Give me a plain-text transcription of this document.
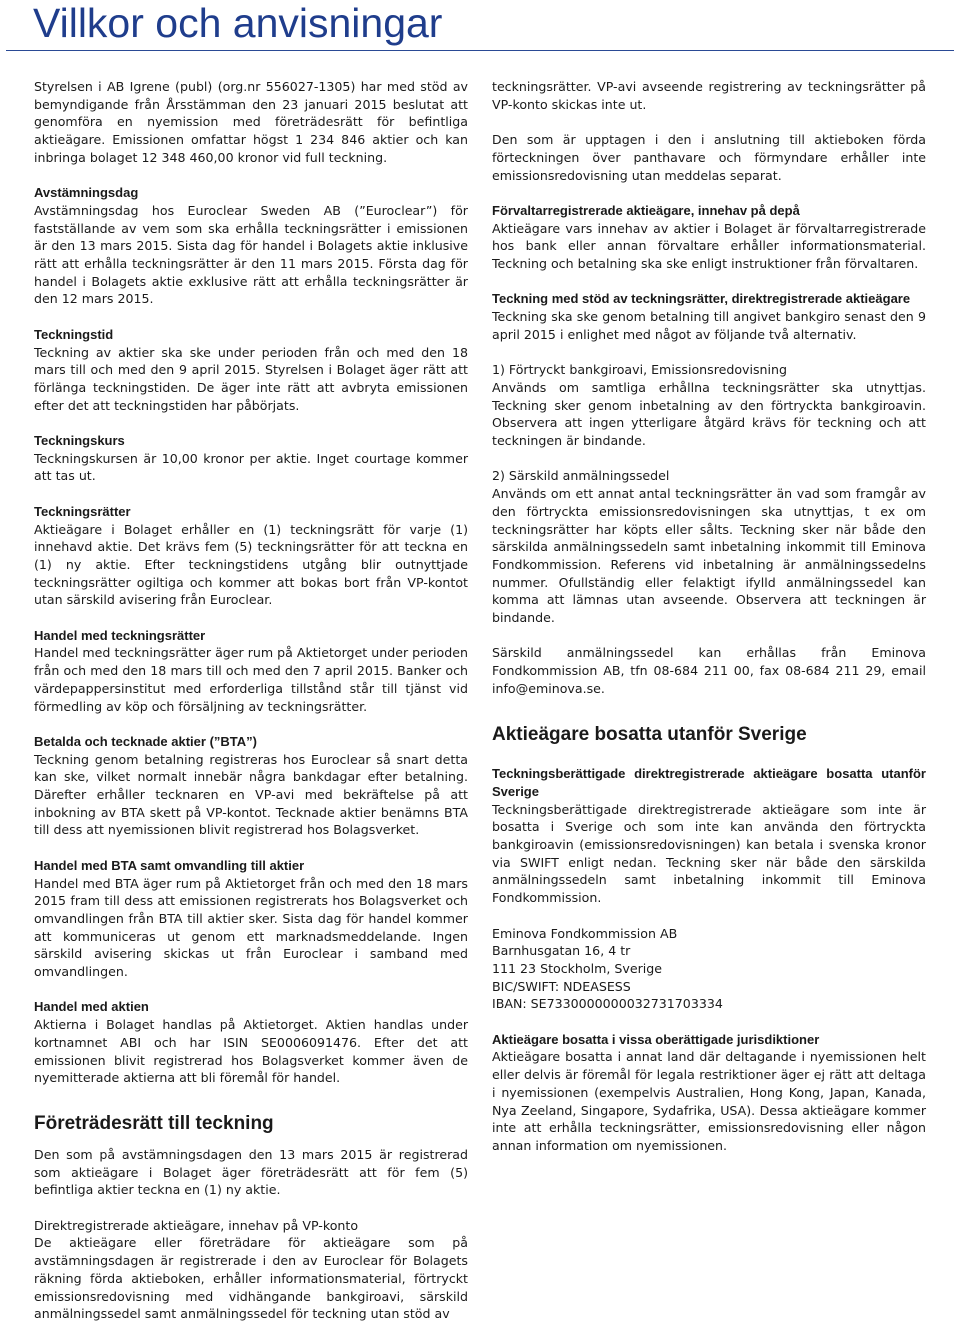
Villkor och anvisningar

Styrelsen i AB Igrene (publ) (org.nr 556027-1305) har med stöd av bemyndigande från Årsstämman den 23 januari 2015 beslutat att genomföra en nyemission med företrädesrätt för befintliga aktieägare. Emissionen omfattar högst 1 234 846 aktier och kan inbringa bolaget 12 348 460,00 kronor vid full teckning.

Avstämningsdag

Avstämningsdag hos Euroclear Sweden AB (”Euroclear”) för fastställande av vem som ska erhålla teckningsrätter i emissionen är den 13 mars 2015. Sista dag för handel i Bolagets aktie inklusive rätt att erhålla teckningsrätter är den 11 mars 2015. Första dag för handel i Bolagets aktie exklusive rätt att erhålla teckningsrätter är den 12 mars 2015.

Teckningstid

Teckning av aktier ska ske under perioden från och med den 18 mars till och med den 9 april 2015. Styrelsen i Bolaget äger rätt att förlänga teckningstiden. De äger inte rätt att avbryta emissionen efter det att teckningstiden har påbörjats.

Teckningskurs

Teckningskursen är 10,00 kronor per aktie. Inget courtage kommer att tas ut.

Teckningsrätter

Aktieägare i Bolaget erhåller en (1) teckningsrätt för varje (1) innehavd aktie. Det krävs fem (5) teckningsrätter för att teckna en (1) ny aktie. Efter teckningstidens utgång blir outnyttjade teckningsrätter ogiltiga och kommer att bokas bort från VP-kontot utan särskild avisering från Euroclear.

Handel med teckningsrätter

Handel med teckningsrätter äger rum på Aktietorget under perioden från och med den 18 mars till och med den 7 april 2015. Banker och värdepappersinstitut med erforderliga tillstånd står till tjänst vid förmedling av köp och försäljning av teckningsrätter.

Betalda och tecknade aktier (”BTA”)

Teckning genom betalning registreras hos Euroclear så snart detta kan ske, vilket normalt innebär några bankdagar efter betalning. Därefter erhåller tecknaren en VP-avi med bekräftelse på att inbokning av BTA skett på VP-kontot. Tecknade aktier benämns BTA till dess att nyemissionen blivit registrerad hos Bolagsverket.

Handel med BTA samt omvandling till aktier

Handel med BTA äger rum på Aktietorget från och med den 18 mars 2015 fram till dess att emissionen registrerats hos Bolagsverket och omvandlingen från BTA till aktier sker. Sista dag för handel kommer att kommuniceras ut genom ett marknadsmeddelande. Ingen särskild avisering skickas ut från Euroclear i samband med omvandlingen.

Handel med aktien

Aktierna i Bolaget handlas på Aktietorget. Aktien handlas under kortnamnet ABI och har ISIN SE0006091476. Efter det att emissionen blivit registrerad hos Bolagsverket kommer även de nyemitterade aktierna att bli föremål för handel.

Företrädesrätt till teckning

Den som på avstämningsdagen den 13 mars 2015 är registrerad som aktieägare i Bolaget äger företrädesrätt att för fem (5) befintliga aktier teckna en (1) ny aktie.

Direktregistrerade aktieägare, innehav på VP-konto

De aktieägare eller företrädare för aktieägare som på avstämningsdagen är registrerade i den av Euroclear för Bolagets räkning förda aktieboken, erhåller informationsmaterial, förtryckt emissionsredovisning med vidhängande bankgiroavi, särskild anmälningssedel samt anmälningssedel för teckning utan stöd av

teckningsrätter. VP-avi avseende registrering av teckningsrätter på VP-konto skickas inte ut.

Den som är upptagen i den i anslutning till aktieboken förda förteckningen över panthavare och förmyndare erhåller inte emissionsredovisning utan meddelas separat.

Förvaltarregistrerade aktieägare, innehav på depå

Aktieägare vars innehav av aktier i Bolaget är förvaltarregistrerade hos bank eller annan förvaltare erhåller informationsmaterial. Teckning och betalning ska ske enligt instruktioner från förvaltaren.

Teckning med stöd av teckningsrätter, direktregistrerade aktieägare

Teckning ska ske genom betalning till angivet bankgiro senast den 9 april 2015 i enlighet med något av följande två alternativ.

1) Förtryckt bankgiroavi, Emissionsredovisning

Används om samtliga erhållna teckningsrätter ska utnyttjas. Teckning sker genom inbetalning av den förtryckta bankgiroavin. Observera att ingen ytterligare åtgärd krävs för teckning och att teckningen är bindande.

2) Särskild anmälningssedel

Används om ett annat antal teckningsrätter än vad som framgår av den förtryckta emissionsredovisningen ska utnyttjas, t ex om teckningsrätter har köpts eller sålts. Teckning sker när både den särskilda anmälningssedeln samt inbetalning inkommit till Eminova Fondkommission. Referens vid inbetalning är anmälningssedelns nummer. Ofullständig eller felaktigt ifylld anmälningssedel kan komma att lämnas utan avseende. Observera att teckningen är bindande.

Särskild anmälningssedel kan erhållas från Eminova Fondkommission AB, tfn 08-684 211 00, fax 08-684 211 29, email info@eminova.se.

Aktieägare bosatta utanför Sverige
Teckningsberättigade direktregistrerade aktieägare bosatta utanför Sverige

Teckningsberättigade direktregistrerade aktieägare som inte är bosatta i Sverige och som inte kan använda den förtryckta bankgiroavin (emissionsredovisningen) kan betala i svenska kronor via SWIFT enligt nedan. Teckning sker när både den särskilda anmälningssedeln samt inbetalning inkommit till Eminova Fondkommission.

Eminova Fondkommission AB

Barnhusgatan 16, 4 tr

111 23 Stockholm, Sverige

BIC/SWIFT: NDEASESS

IBAN: SE7330000000032731703334

Aktieägare bosatta i vissa oberättigade jurisdiktioner

Aktieägare bosatta i annat land där deltagande i nyemissionen helt eller delvis är föremål för legala restriktioner äger ej rätt att deltaga i nyemissionen (exempelvis Australien, Hong Kong, Japan, Kanada, Nya Zeeland, Singapore, Sydafrika, USA). Dessa aktieägare kommer inte att erhålla teckningsrätter, emissionsredovisning eller någon annan information om nyemissionen.
